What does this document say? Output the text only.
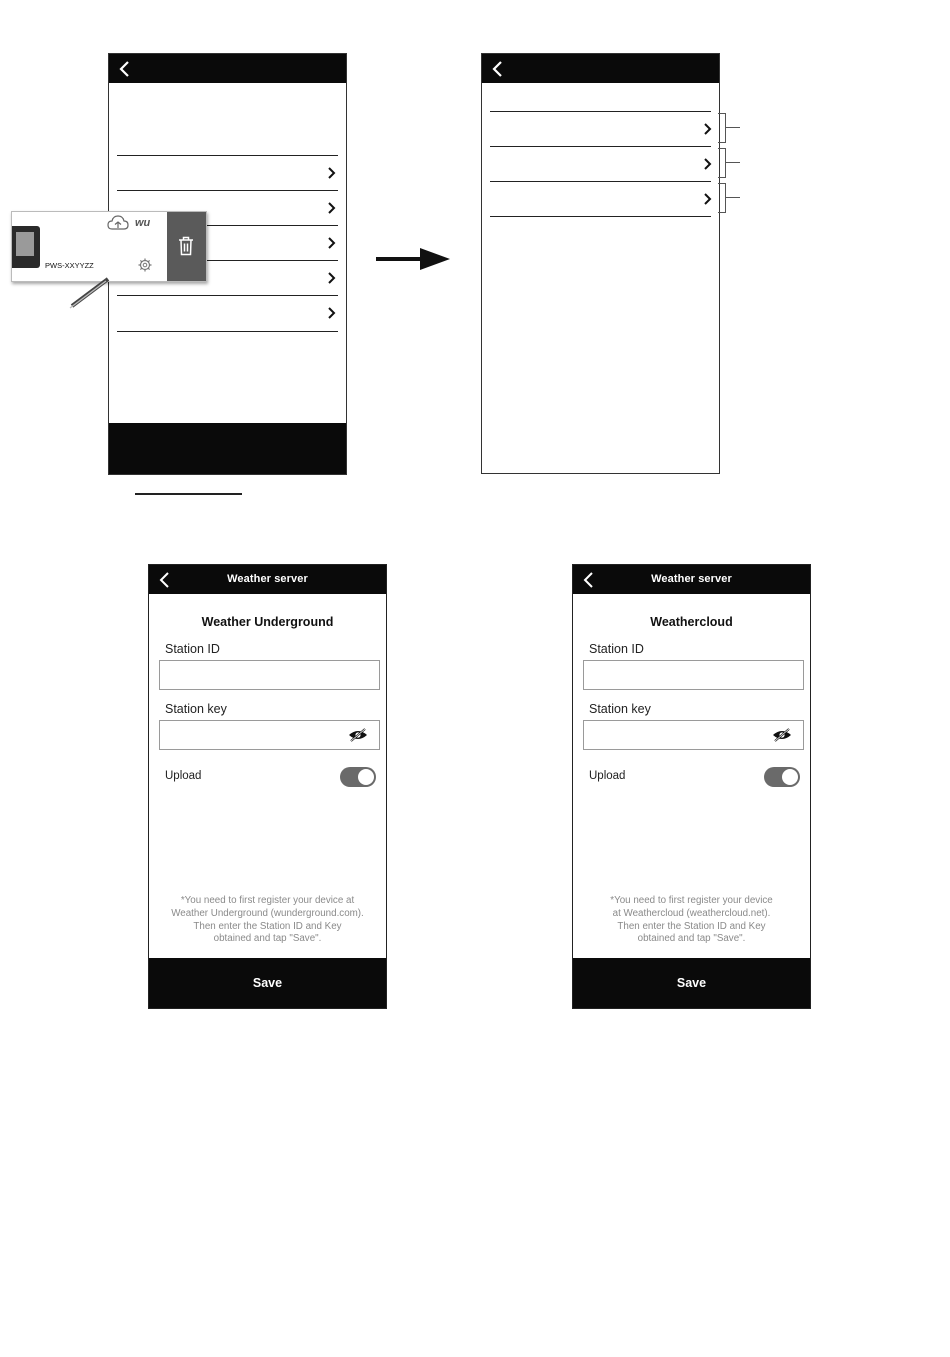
PWS-XXYYZZ
wu
Weather server
Weather Underground
Station ID
Station key
Upload
*You need to first register your device at
Weather Underground (wunderground.com).
Then enter the Station ID and Key
obtained and tap "Save".
Save
Weather server
Weathercloud
Station ID
Station key
Upload
*You need to first register your device
at Weathercloud (weathercloud.net).
Then enter the Station ID and Key
obtained and tap "Save".
Save
